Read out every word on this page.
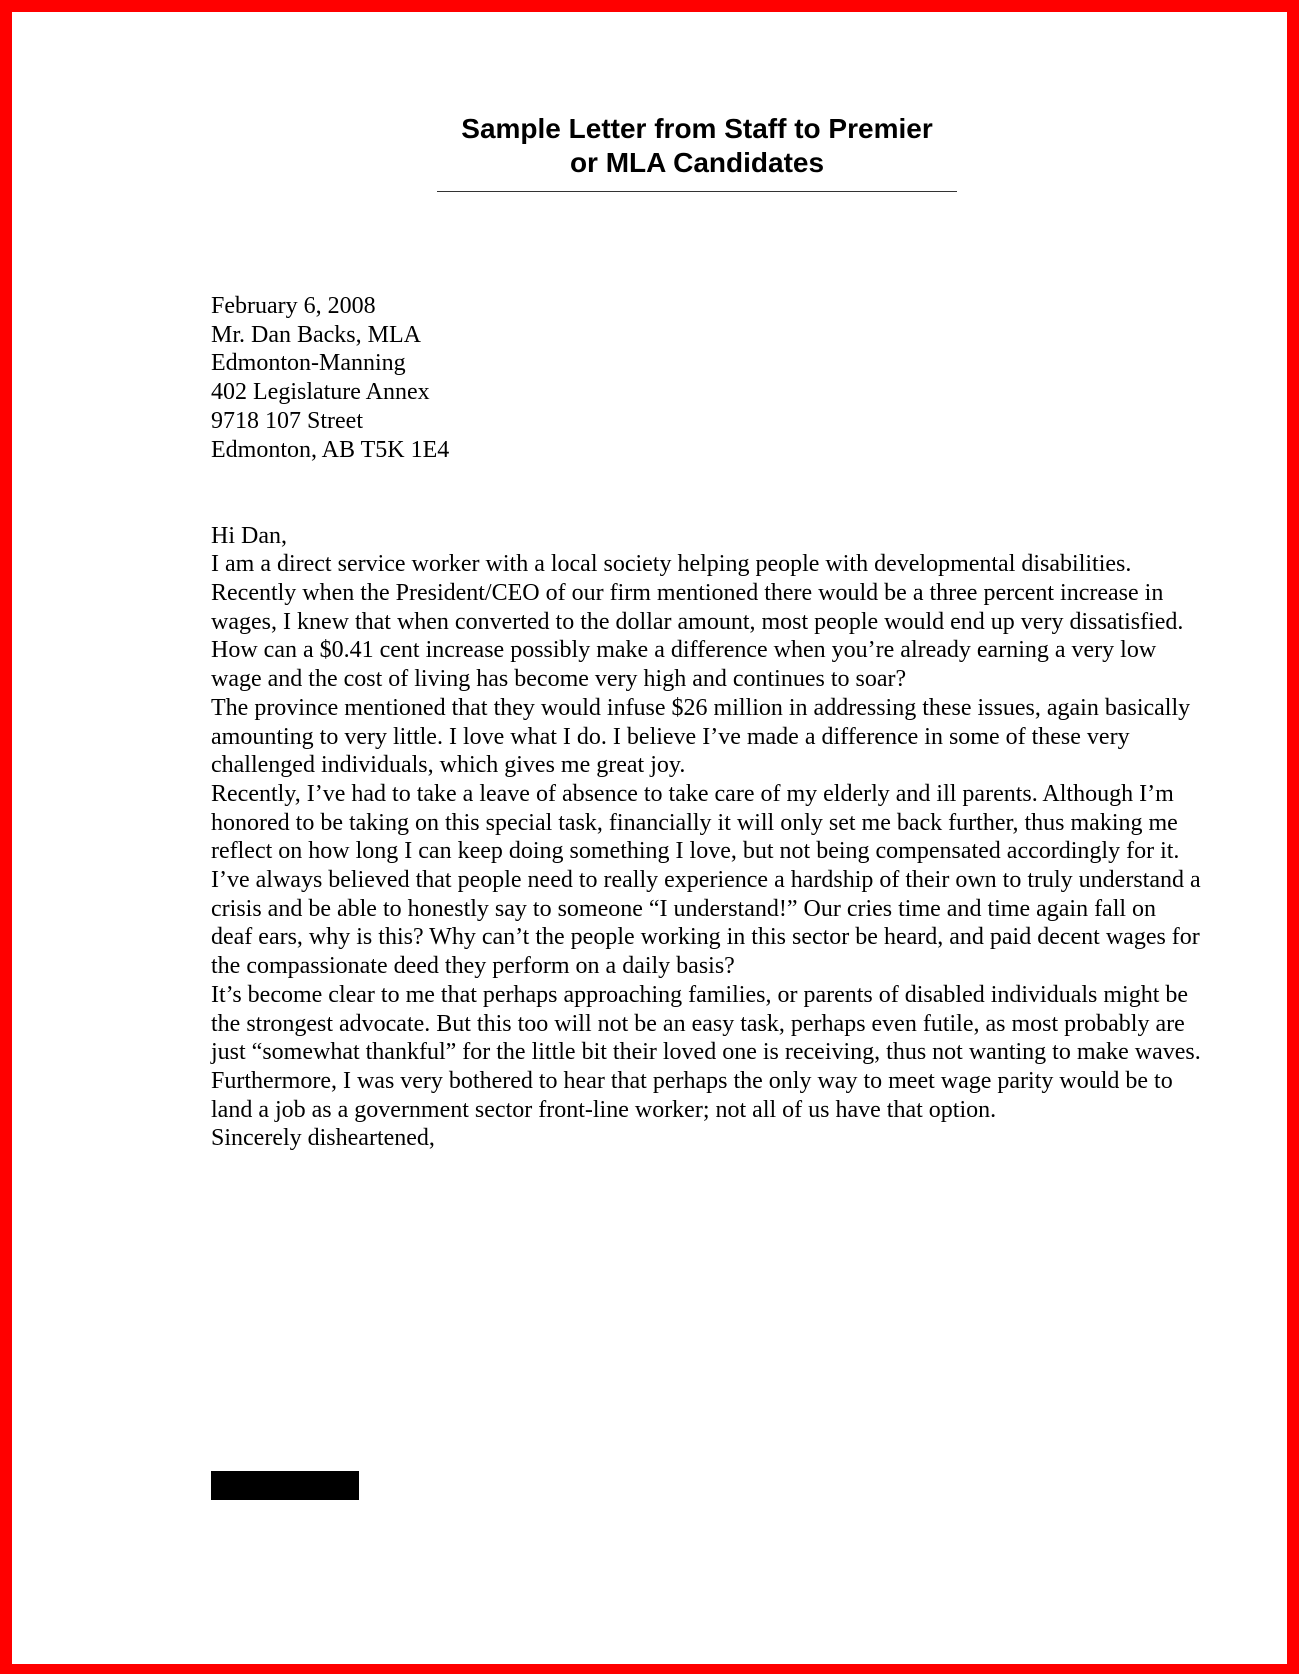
Sample Letter from Staff to Premier
or MLA Candidates

February 6, 2008

Mr. Dan Backs, MLA
Edmonton-Manning
402 Legislature Annex
9718 107 Street
Edmonton, AB T5K 1E4

Hi Dan,

I am a direct service worker with a local society helping people with developmental disabilities. Recently when the President/CEO of our firm mentioned there would be a three percent increase in wages, I knew that when converted to the dollar amount, most people would end up very dissatisfied. How can a $0.41 cent increase possibly make a difference when you’re already earning a very low wage and the cost of living has become very high and continues to soar?

The province mentioned that they would infuse $26 million in addressing these issues, again basically amounting to very little. I love what I do. I believe I’ve made a difference in some of these very challenged individuals, which gives me great joy.

Recently, I’ve had to take a leave of absence to take care of my elderly and ill parents. Although I’m honored to be taking on this special task, financially it will only set me back further, thus making me reflect on how long I can keep doing something I love, but not being compensated accordingly for it.

I’ve always believed that people need to really experience a hardship of their own to truly understand a crisis and be able to honestly say to someone “I understand!” Our cries time and time again fall on deaf ears, why is this? Why can’t the people working in this sector be heard, and paid decent wages for the compassionate deed they perform on a daily basis?

It’s become clear to me that perhaps approaching families, or parents of disabled individuals might be the strongest advocate. But this too will not be an easy task, perhaps even futile, as most probably are just “somewhat thankful” for the little bit their loved one is receiving, thus not wanting to make waves. Furthermore, I was very bothered to hear that perhaps the only way to meet wage parity would be to land a job as a government sector front-line worker; not all of us have that option.

Sincerely disheartened,
